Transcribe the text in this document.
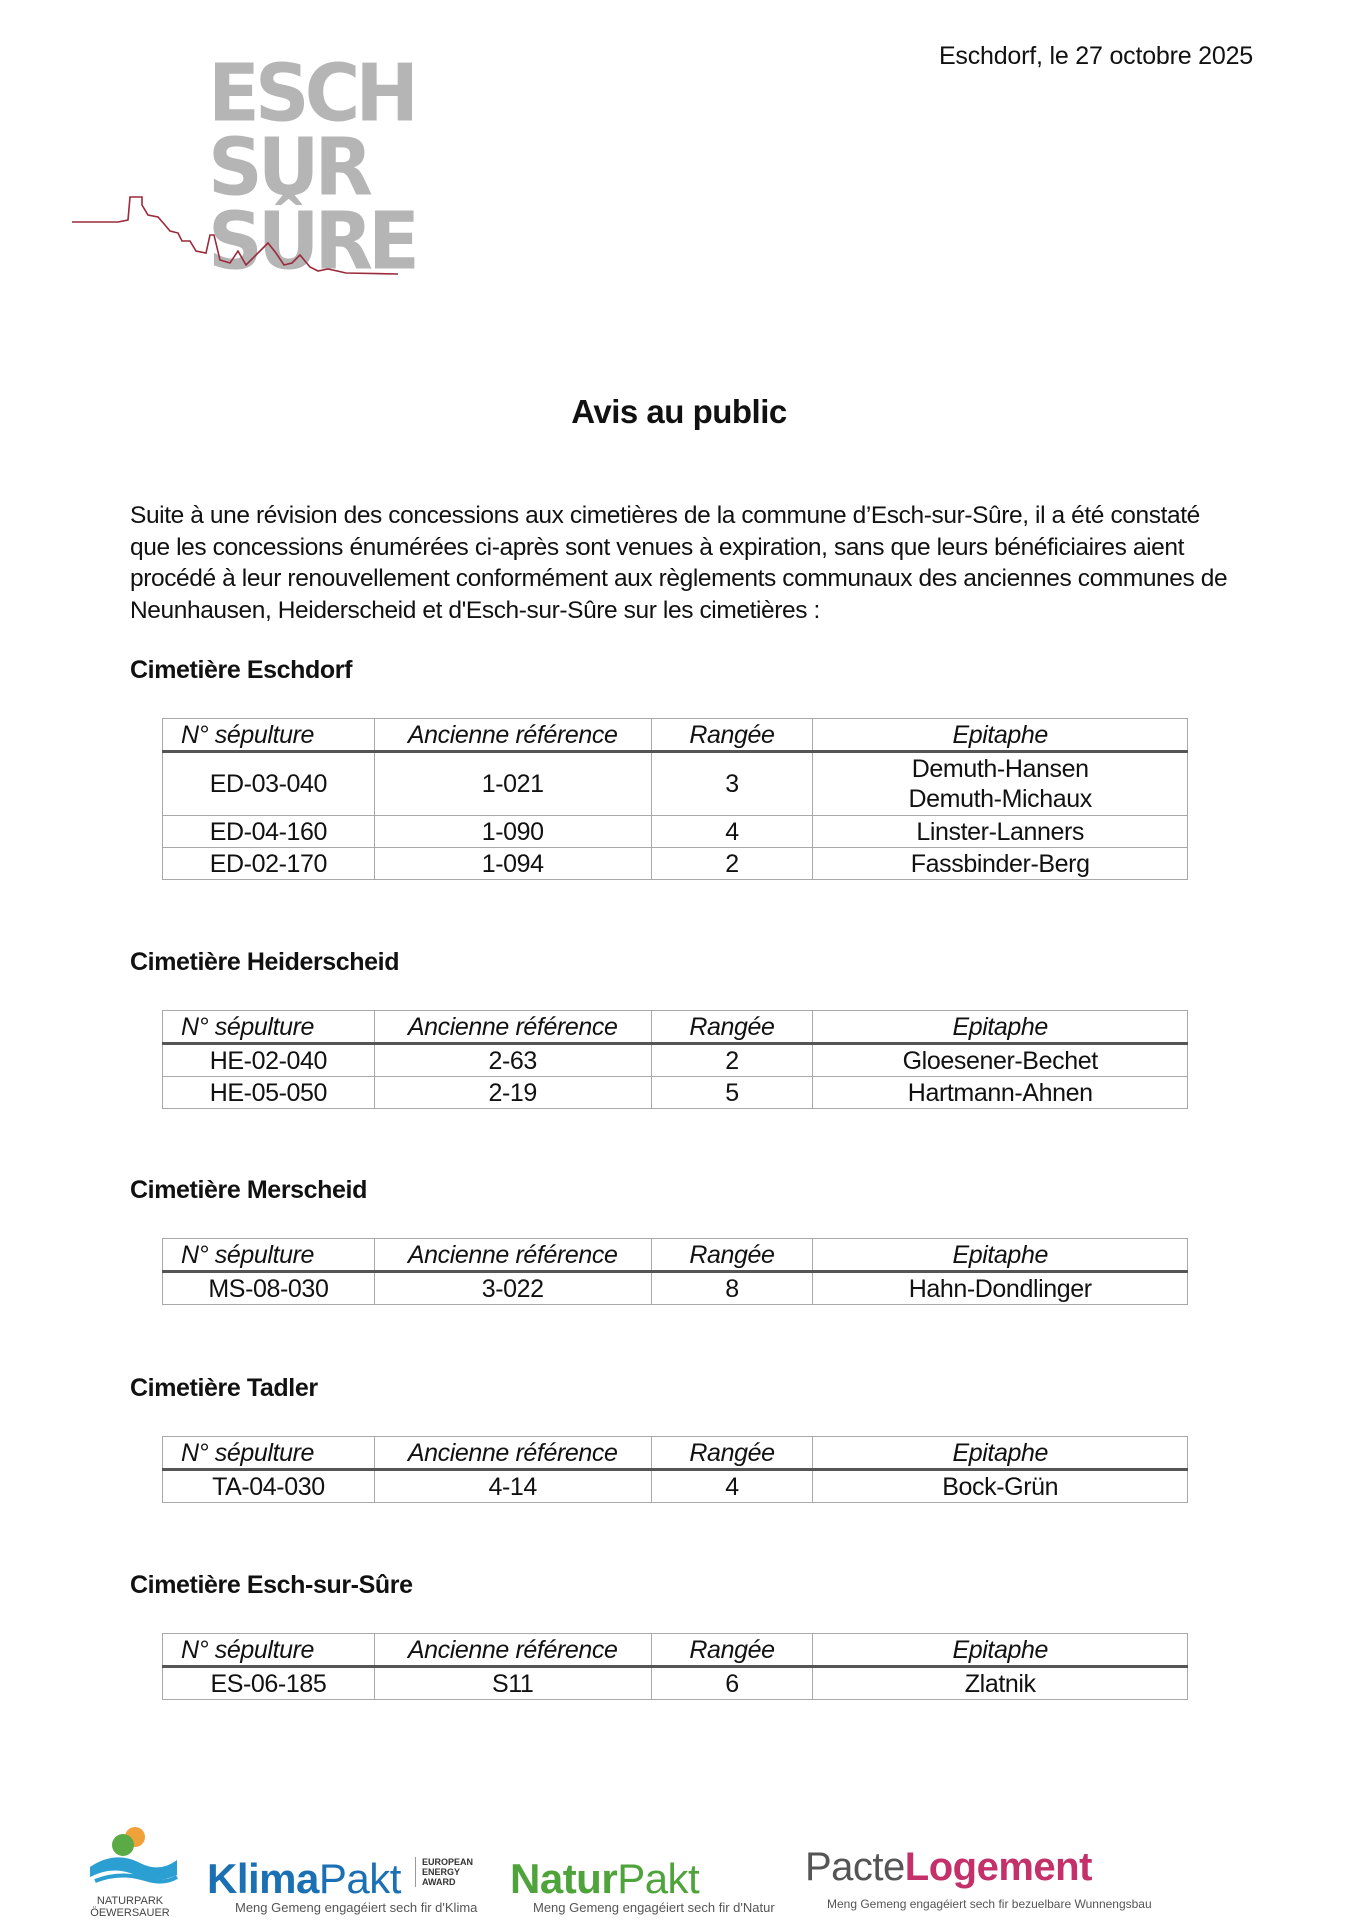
Eschdorf, le 27 octobre 2025
ESCH
SUR
SÛRE
Avis au public
Suite à une révision des concessions aux cimetières de la commune d’Esch-sur-Sûre, il a été constaté que les concessions énumérées ci-après sont venues à expiration, sans que leurs bénéficiaires aient procédé à leur renouvellement conformément aux règlements communaux des anciennes communes de Neunhausen, Heiderscheid et d'Esch-sur-Sûre sur les cimetières :
Cimetière Eschdorf
N° sépulture	Ancienne référence	Rangée	Epitaphe
ED-03-040	1-021	3	Demuth-Hansen
Demuth-Michaux

ED-04-160	1-090	4	Linster-Lanners
ED-02-170	1-094	2	Fassbinder-Berg
Cimetière Heiderscheid
N° sépulture	Ancienne référence	Rangée	Epitaphe
HE-02-040	2-63	2	Gloesener-Bechet
HE-05-050	2-19	5	Hartmann-Ahnen
Cimetière Merscheid
N° sépulture	Ancienne référence	Rangée	Epitaphe
MS-08-030	3-022	8	Hahn-Dondlinger
Cimetière Tadler
N° sépulture	Ancienne référence	Rangée	Epitaphe
TA-04-030	4-14	4	Bock-Grün
Cimetière Esch-sur-Sûre
N° sépulture	Ancienne référence	Rangée	Epitaphe
ES-06-185	S11	6	Zlatnik
NATURPARK
ÖEWERSAUER
KlimaPakt EUROPEAN
ENERGY
AWARD
Meng Gemeng engagéiert sech fir d'Klima
NaturPakt
Meng Gemeng engagéiert sech fir d'Natur
PacteLogement
Meng Gemeng engagéiert sech fir bezuelbare Wunnengsbau
